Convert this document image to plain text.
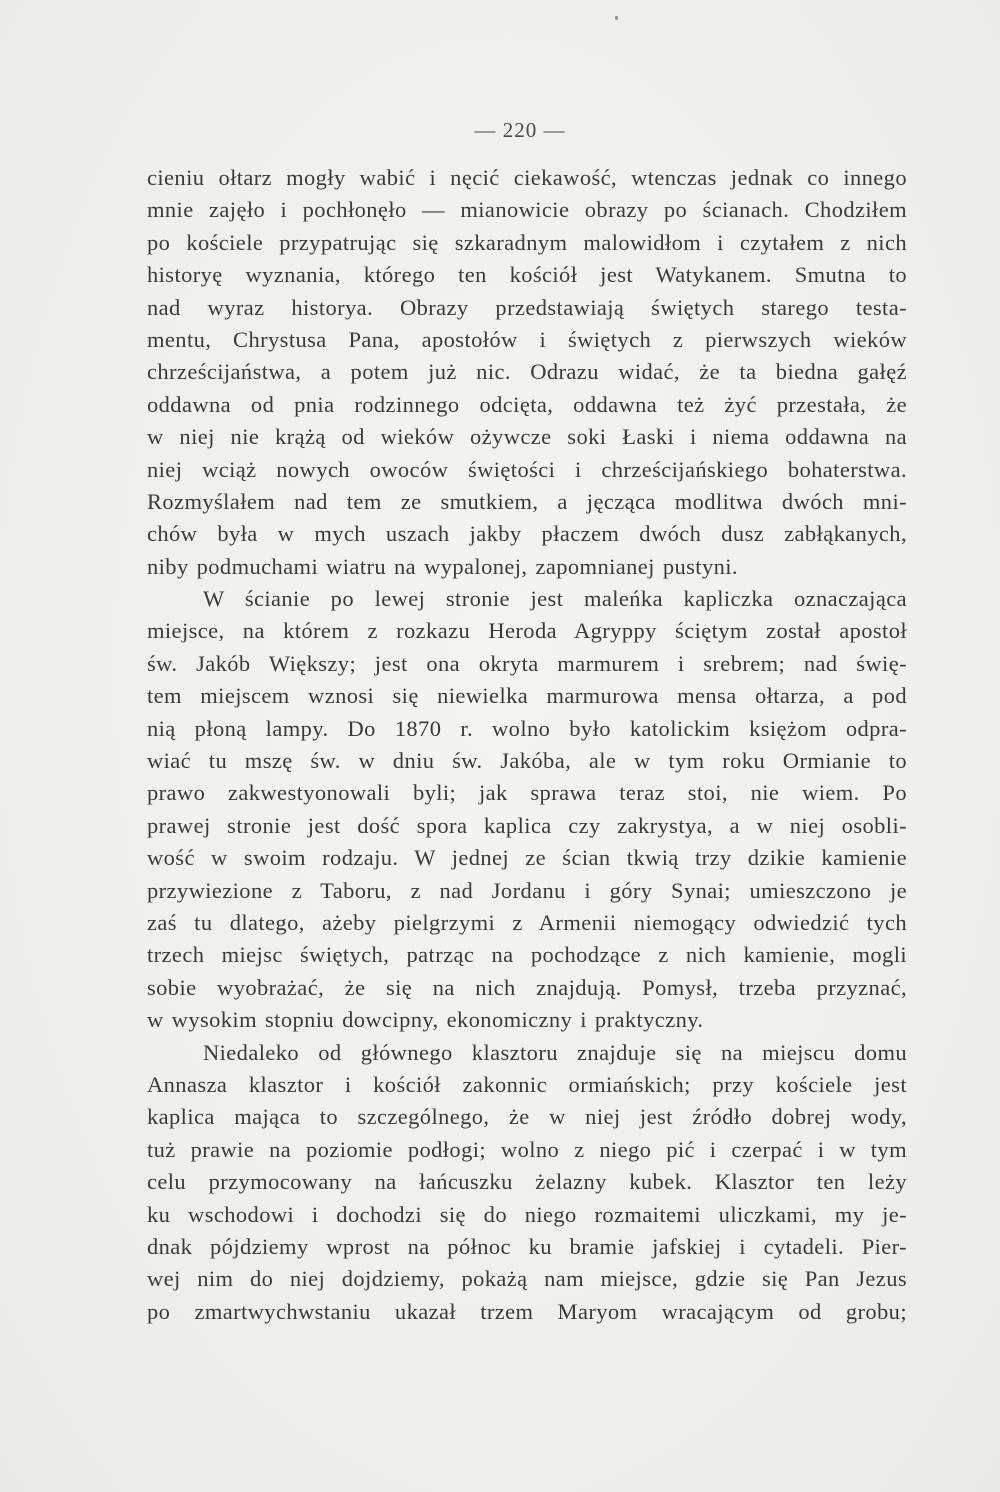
— 220 —
cieniu ołtarz mogły wabić i nęcić ciekawość, wtenczas jednak co innego
mnie zajęło i pochłonęło — mianowicie obrazy po ścianach. Chodziłem
po kościele przypatrując się szkaradnym malowidłom i czytałem z nich
historyę wyznania, którego ten kościół jest Watykanem. Smutna to
nad wyraz historya. Obrazy przedstawiają świętych starego testa-
mentu, Chrystusa Pana, apostołów i świętych z pierwszych wieków
chrześcijaństwa, a potem już nic. Odrazu widać, że ta biedna gałęź
oddawna od pnia rodzinnego odcięta, oddawna też żyć przestała, że
w niej nie krążą od wieków ożywcze soki Łaski i niema oddawna na
niej wciąż nowych owoców świętości i chrześcijańskiego bohaterstwa.
Rozmyślałem nad tem ze smutkiem, a jęcząca modlitwa dwóch mni-
chów była w mych uszach jakby płaczem dwóch dusz zabłąkanych,
niby podmuchami wiatru na wypalonej, zapomnianej pustyni.
W ścianie po lewej stronie jest maleńka kapliczka oznaczająca
miejsce, na którem z rozkazu Heroda Agryppy ściętym został apostoł
św. Jakób Większy; jest ona okryta marmurem i srebrem; nad świę-
tem miejscem wznosi się niewielka marmurowa mensa ołtarza, a pod
nią płoną lampy. Do 1870 r. wolno było katolickim księżom odpra-
wiać tu mszę św. w dniu św. Jakóba, ale w tym roku Ormianie to
prawo zakwestyonowali byli; jak sprawa teraz stoi, nie wiem. Po
prawej stronie jest dość spora kaplica czy zakrystya, a w niej osobli-
wość w swoim rodzaju. W jednej ze ścian tkwią trzy dzikie kamienie
przywiezione z Taboru, z nad Jordanu i góry Synai; umieszczono je
zaś tu dlatego, ażeby pielgrzymi z Armenii niemogący odwiedzić tych
trzech miejsc świętych, patrząc na pochodzące z nich kamienie, mogli
sobie wyobrażać, że się na nich znajdują. Pomysł, trzeba przyznać,
w wysokim stopniu dowcipny, ekonomiczny i praktyczny.
Niedaleko od głównego klasztoru znajduje się na miejscu domu
Annasza klasztor i kościół zakonnic ormiańskich; przy kościele jest
kaplica mająca to szczególnego, że w niej jest źródło dobrej wody,
tuż prawie na poziomie podłogi; wolno z niego pić i czerpać i w tym
celu przymocowany na łańcuszku żelazny kubek. Klasztor ten leży
ku wschodowi i dochodzi się do niego rozmaitemi uliczkami, my je-
dnak pójdziemy wprost na północ ku bramie jafskiej i cytadeli. Pier-
wej nim do niej dojdziemy, pokażą nam miejsce, gdzie się Pan Jezus
po zmartwychwstaniu ukazał trzem Maryom wracającym od grobu;
